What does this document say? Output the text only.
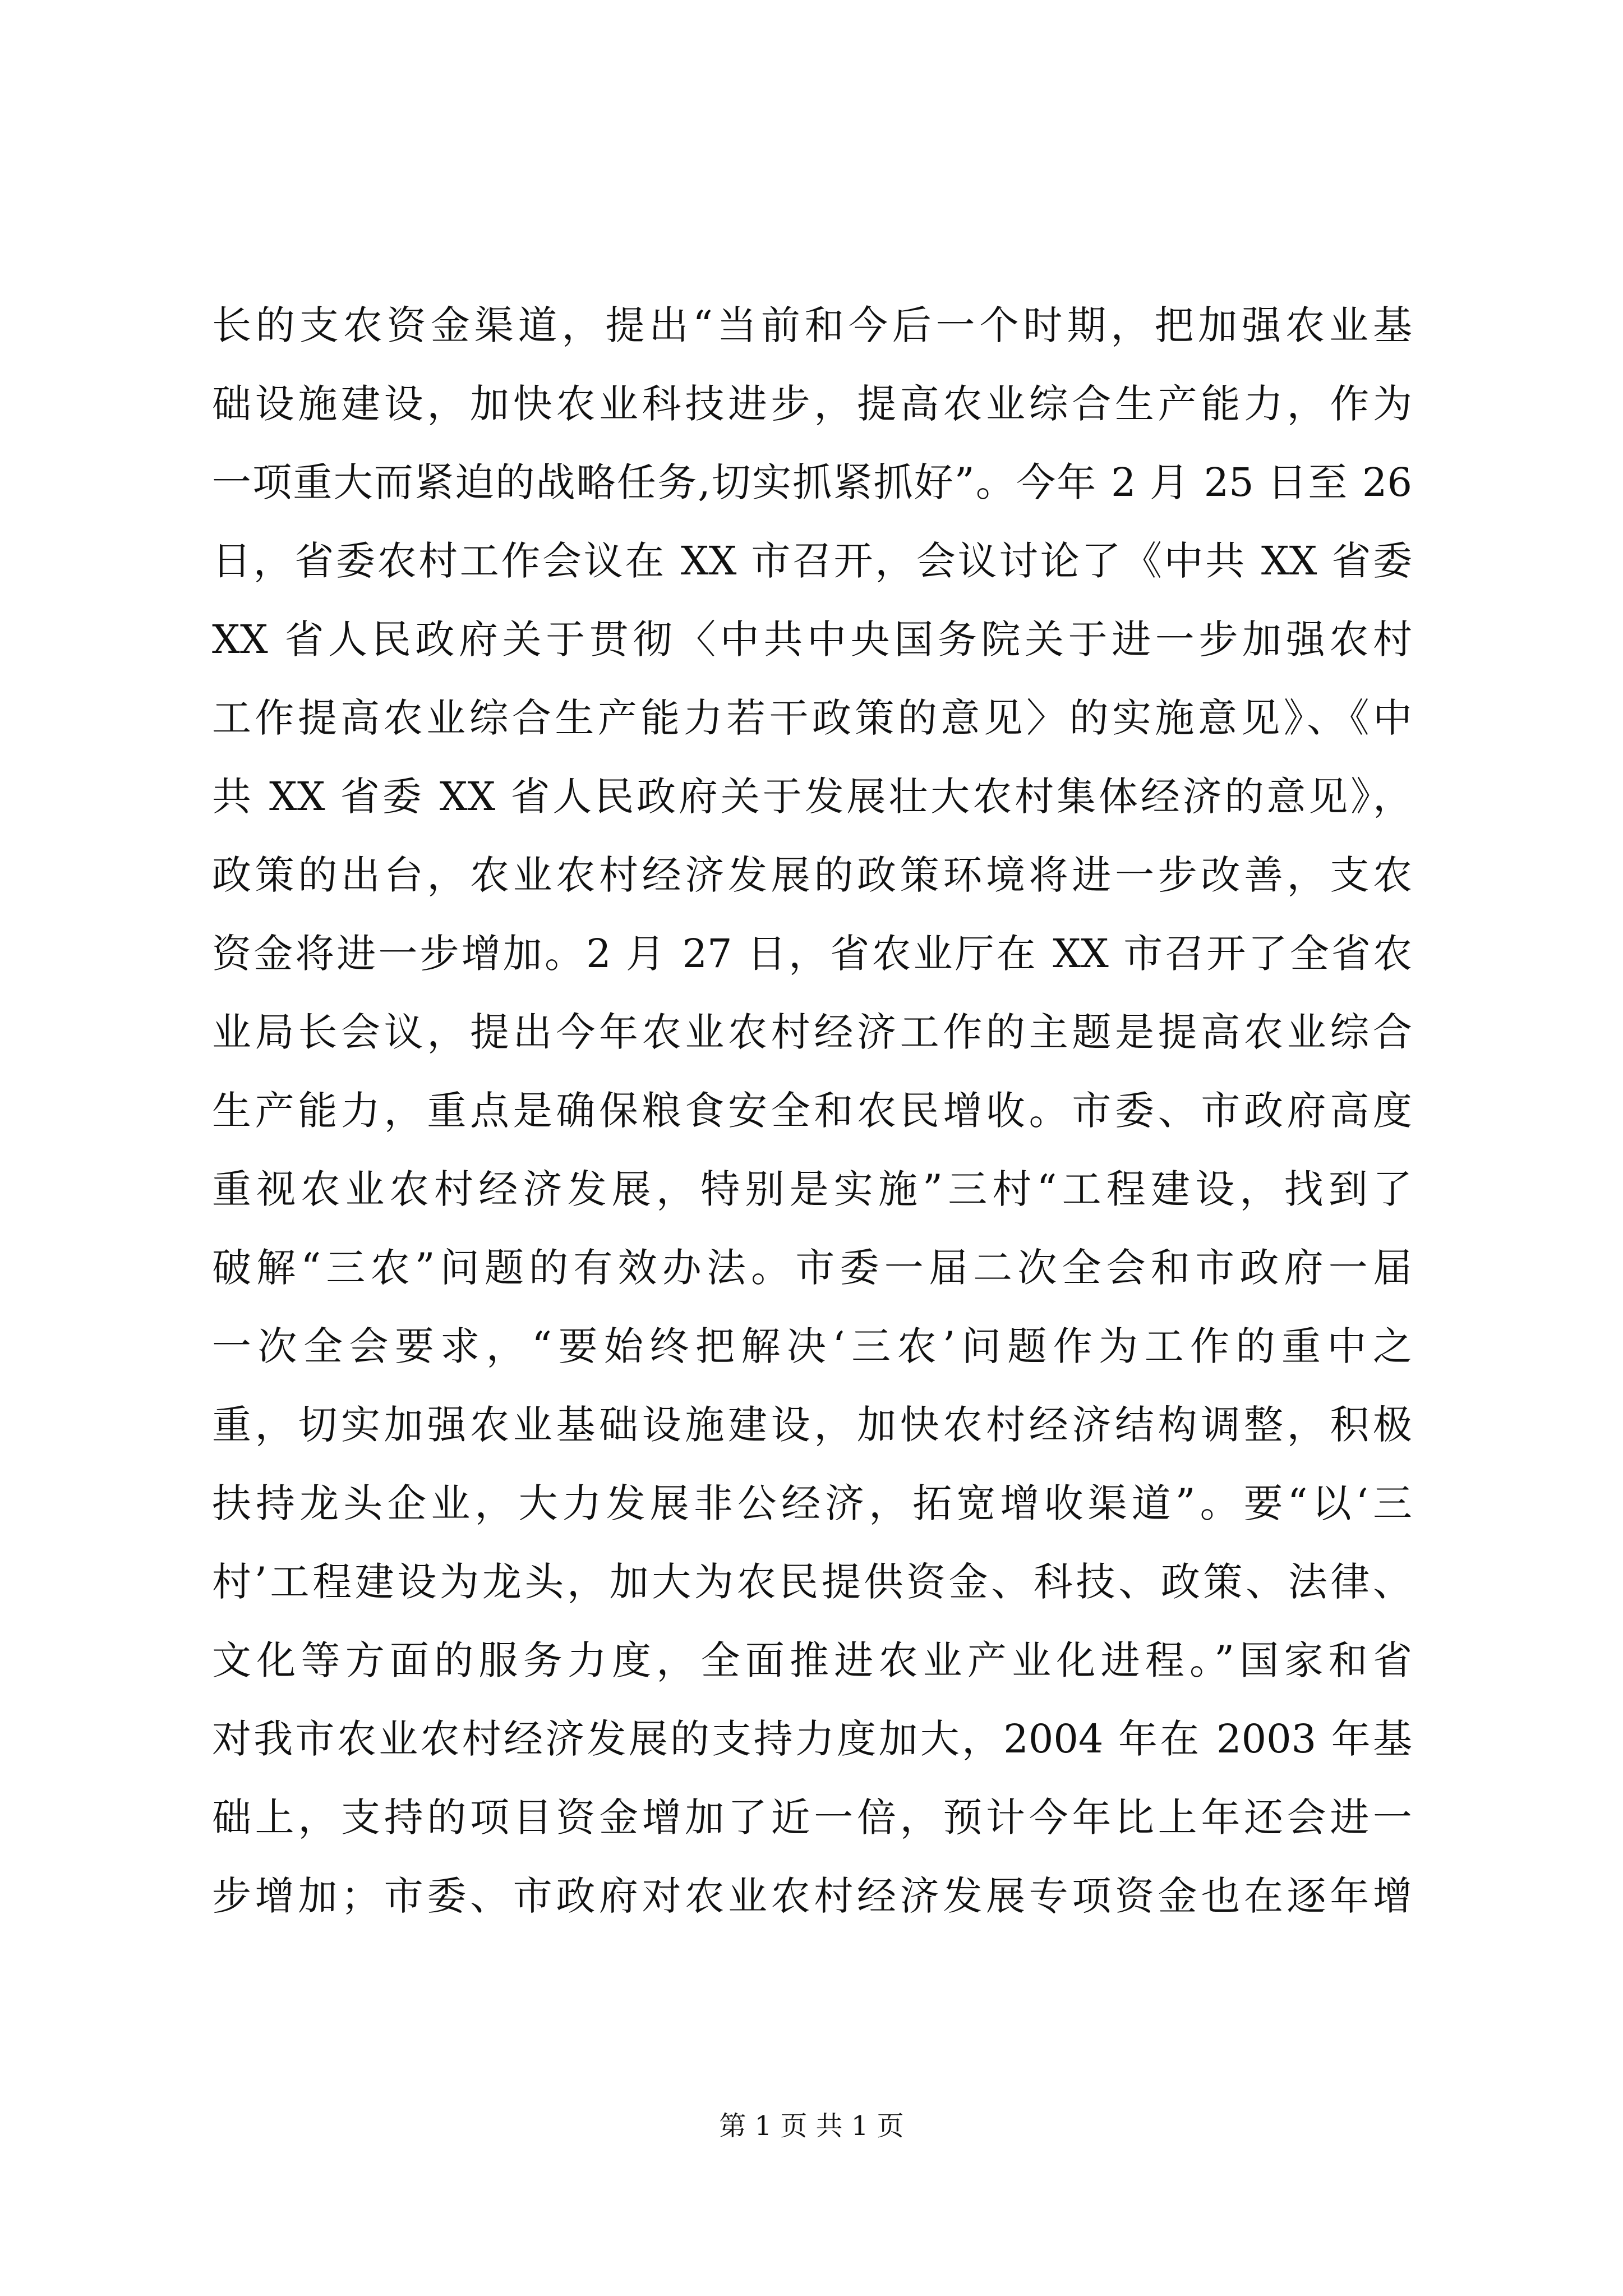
长的支农资金渠道，提出“当前和今后一个时期，把加强农业基
础设施建设，加快农业科技进步，提高农业综合生产能力，作为
一项重大而紧迫的战略任务,切实抓紧抓好”。今年 2 月 25 日至 26
日，省委农村工作会议在 XX 市召开，会议讨论了《中共 XX 省委
XX 省人民政府关于贯彻〈中共中央国务院关于进一步加强农村
工作提高农业综合生产能力若干政策的意见〉的实施意见》、《中
共 XX 省委 XX 省人民政府关于发展壮大农村集体经济的意见》，
政策的出台，农业农村经济发展的政策环境将进一步改善，支农
资金将进一步增加。2 月 27 日，省农业厅在 XX 市召开了全省农
业局长会议，提出今年农业农村经济工作的主题是提高农业综合
生产能力，重点是确保粮食安全和农民增收。市委、市政府高度
重视农业农村经济发展，特别是实施”三村“工程建设，找到了
破解“三农”问题的有效办法。市委一届二次全会和市政府一届
一次全会要求，“要始终把解决‘三农’问题作为工作的重中之
重，切实加强农业基础设施建设，加快农村经济结构调整，积极
扶持龙头企业，大力发展非公经济，拓宽增收渠道”。要“以‘三
村’工程建设为龙头，加大为农民提供资金、科技、政策、法律、
文化等方面的服务力度，全面推进农业产业化进程。”国家和省
对我市农业农村经济发展的支持力度加大，2004 年在 2003 年基
础上，支持的项目资金增加了近一倍，预计今年比上年还会进一
步增加；市委、市政府对农业农村经济发展专项资金也在逐年增
第 1 页 共 1 页
